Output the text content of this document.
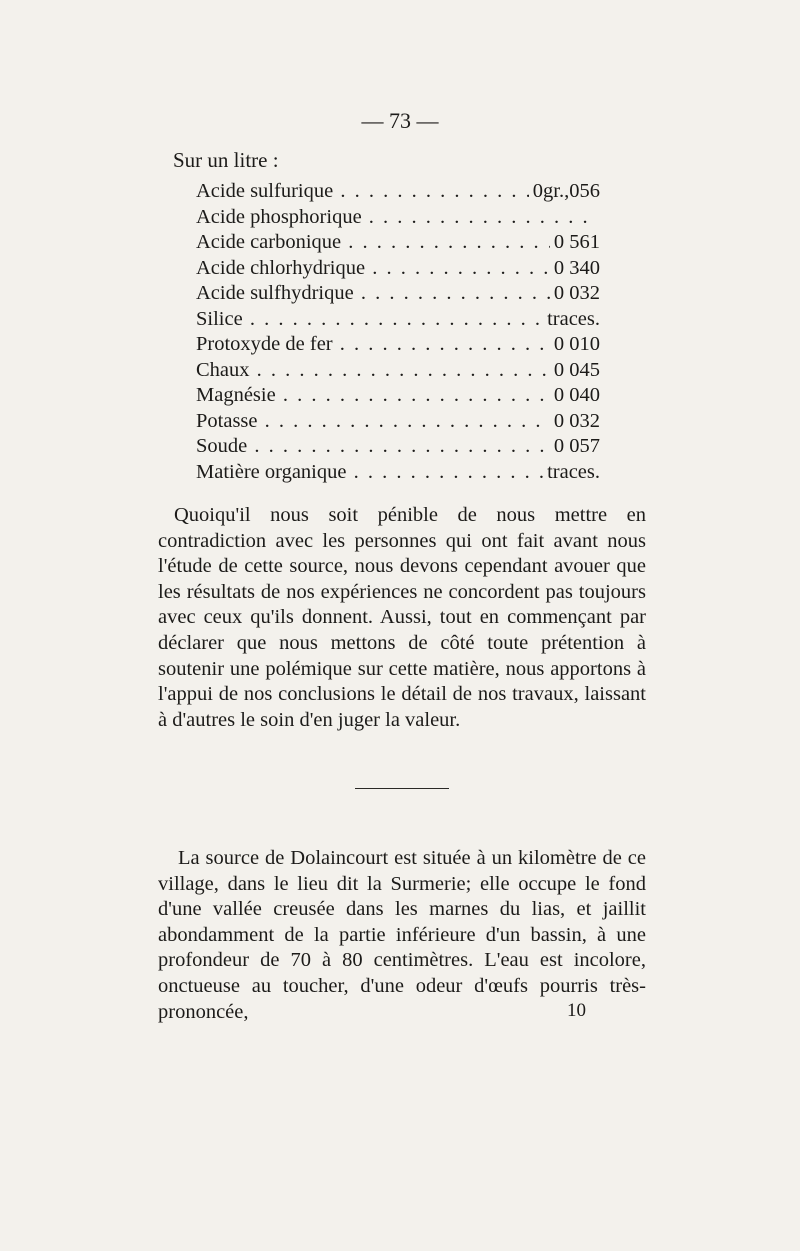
— 73 —
Sur un litre :
Acide sulfurique . . .	0gr.,056
Acide phosphorique . . .
Acide carbonique . . .	0 561
Acide chlorhydrique . . .	0 340
Acide sulfhydrique . . .	0 032
Silice . . .	traces.
Protoxyde de fer . . .	0 010
Chaux . . .	0 045
Magnésie . . .	0 040
Potasse . . .	0 032
Soude . . .	0 057
Matière organique . . .	traces.
Quoiqu'il nous soit pénible de nous mettre en contradiction avec les personnes qui ont fait avant nous l'étude de cette source, nous devons cependant avouer que les résultats de nos expériences ne concordent pas toujours avec ceux qu'ils donnent. Aussi, tout en commençant par déclarer que nous mettons de côté toute prétention à soutenir une polémique sur cette matière, nous apportons à l'appui de nos conclusions le détail de nos travaux, laissant à d'autres le soin d'en juger la valeur.
La source de Dolaincourt est située à un kilomètre de ce village, dans le lieu dit la Surmerie; elle occupe le fond d'une vallée creusée dans les marnes du lias, et jaillit abondamment de la partie inférieure d'un bassin, à une profondeur de 70 à 80 centimètres. L'eau est incolore, onctueuse au toucher, d'une odeur d'œufs pourris très-prononcée,	10
